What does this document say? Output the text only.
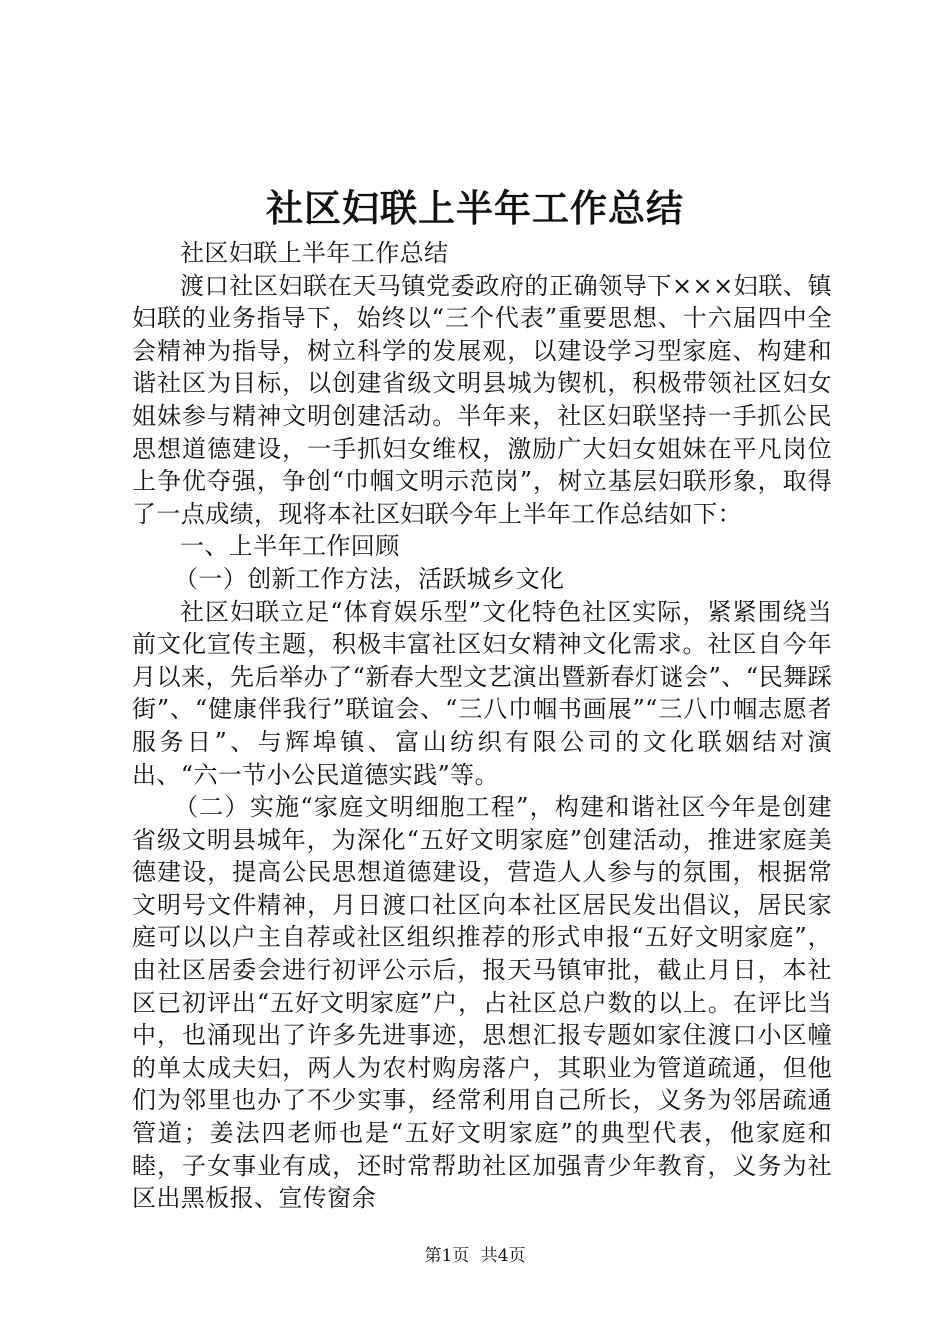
社区妇联上半年工作总结

社区妇联上半年工作总结

渡口社区妇联在天马镇党委政府的正确领导下×××妇联、镇妇联的业务指导下，始终以“三个代表”重要思想、十六届四中全会精神为指导，树立科学的发展观，以建设学习型家庭、构建和谐社区为目标，以创建省级文明县城为锲机，积极带领社区妇女姐妹参与精神文明创建活动。半年来，社区妇联坚持一手抓公民思想道德建设，一手抓妇女维权，激励广大妇女姐妹在平凡岗位上争优夺强，争创“巾帼文明示范岗”，树立基层妇联形象，取得了一点成绩，现将本社区妇联今年上半年工作总结如下：

一、上半年工作回顾

（一）创新工作方法，活跃城乡文化

社区妇联立足“体育娱乐型”文化特色社区实际，紧紧围绕当前文化宣传主题，积极丰富社区妇女精神文化需求。社区自今年月以来，先后举办了“新春大型文艺演出暨新春灯谜会”、“民舞踩街”、“健康伴我行”联谊会、“三八巾帼书画展”“三八巾帼志愿者服务日”、与辉埠镇、富山纺织有限公司的文化联姻结对演出、“六一节小公民道德实践”等。

（二）实施“家庭文明细胞工程”，构建和谐社区今年是创建省级文明县城年，为深化“五好文明家庭”创建活动，推进家庭美德建设，提高公民思想道德建设，营造人人参与的氛围，根据常文明号文件精神，月日渡口社区向本社区居民发出倡议，居民家庭可以以户主自荐或社区组织推荐的形式申报“五好文明家庭”，由社区居委会进行初评公示后，报天马镇审批，截止月日，本社区已初评出“五好文明家庭”户，占社区总户数的以上。在评比当中，也涌现出了许多先进事迹，思想汇报专题如家住渡口小区幢的单太成夫妇，两人为农村购房落户，其职业为管道疏通，但他们为邻里也办了不少实事，经常利用自己所长，义务为邻居疏通管道；姜法四老师也是“五好文明家庭”的典型代表，他家庭和睦，子女事业有成，还时常帮助社区加强青少年教育，义务为社区出黑板报、宣传窗余

第1页 共4页
